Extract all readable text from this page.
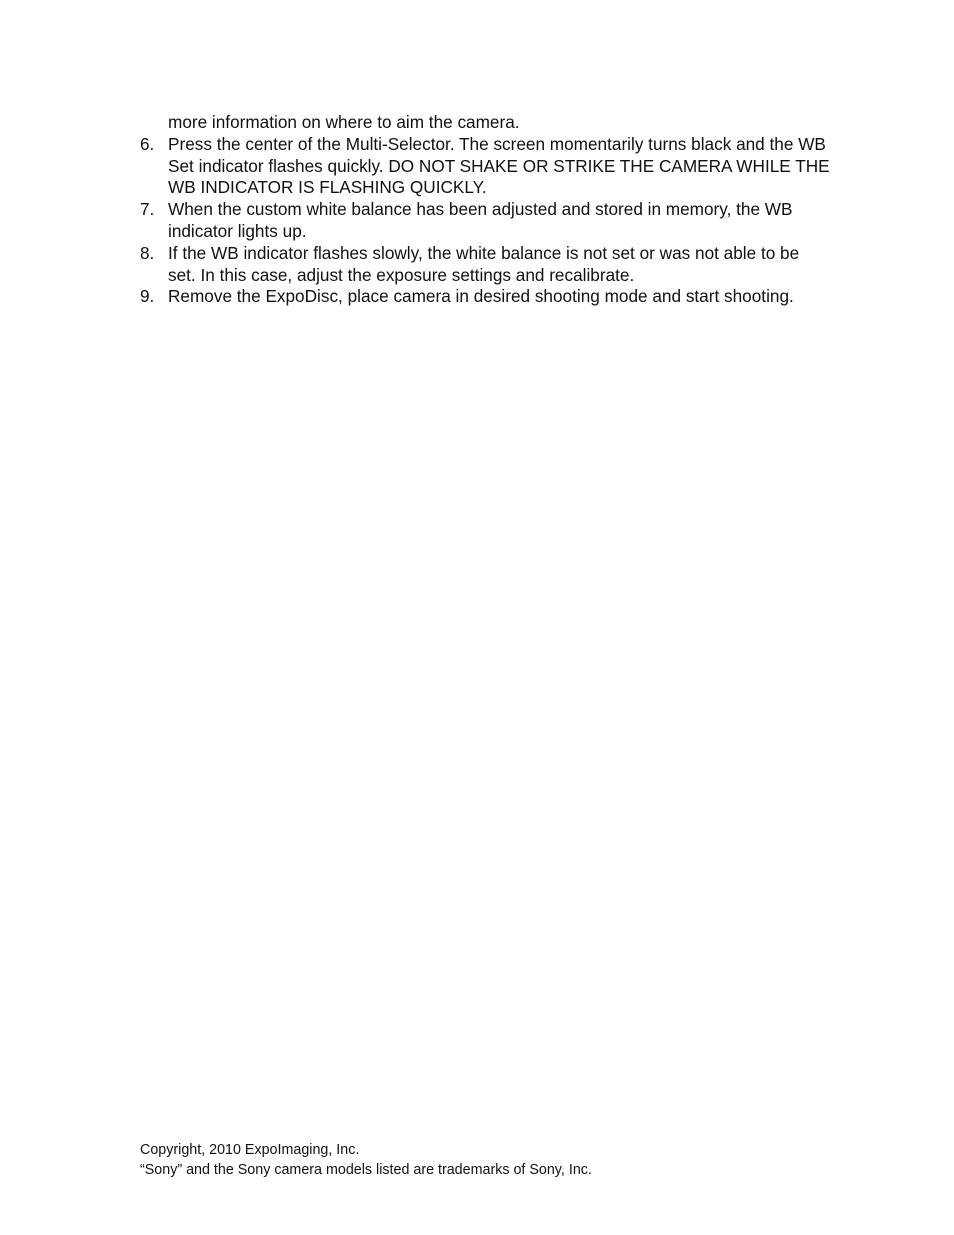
more information on where to aim the camera.

6. Press the center of the Multi-Selector. The screen momentarily turns black and the WB Set indicator flashes quickly. DO NOT SHAKE OR STRIKE THE CAMERA WHILE THE WB INDICATOR IS FLASHING QUICKLY.
7. When the custom white balance has been adjusted and stored in memory, the WB indicator lights up.
8. If the WB indicator flashes slowly, the white balance is not set or was not able to be set. In this case, adjust the exposure settings and recalibrate.
9. Remove the ExpoDisc, place camera in desired shooting mode and start shooting.

Copyright, 2010 ExpoImaging, Inc.

“Sony” and the Sony camera models listed are trademarks of Sony, Inc.
